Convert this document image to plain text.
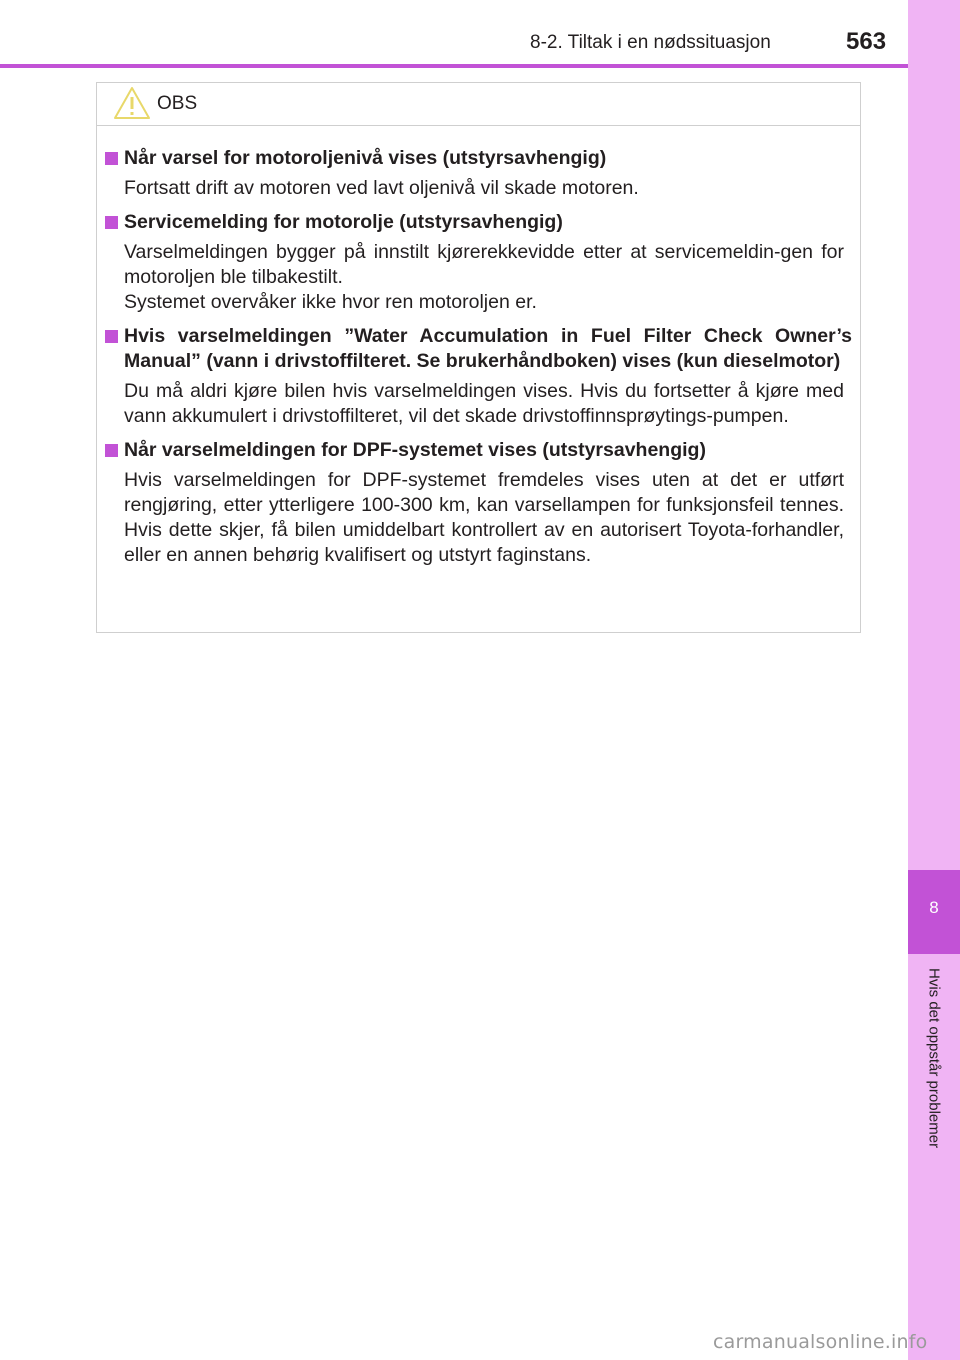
8
Hvis det oppstår problemer
8-2. Tiltak i en nødssituasjon	563
OBS
Når varsel for motoroljenivå vises (utstyrsavhengig)

Fortsatt drift av motoren ved lavt oljenivå vil skade motoren.

Servicemelding for motorolje (utstyrsavhengig)

Varselmeldingen bygger på innstilt kjørerekkevidde etter at servicemeldin-gen for motoroljen ble tilbakestilt.

Systemet overvåker ikke hvor ren motoroljen er.

Hvis varselmeldingen ”Water Accumulation in Fuel Filter Check Owner’s Manual” (vann i drivstoffilteret. Se brukerhåndboken) vises (kun dieselmotor)

Du må aldri kjøre bilen hvis varselmeldingen vises. Hvis du fortsetter å kjøre med vann akkumulert i drivstoffilteret, vil det skade drivstoffinnsprøytings-pumpen.

Når varselmeldingen for DPF-systemet vises (utstyrsavhengig)

Hvis varselmeldingen for DPF-systemet fremdeles vises uten at det er utført rengjøring, etter ytterligere 100-300 km, kan varsellampen for funksjonsfeil tennes. Hvis dette skjer, få bilen umiddelbart kontrollert av en autorisert Toyota-forhandler, eller en annen behørig kvalifisert og utstyrt faginstans.

carmanualsonline.info
